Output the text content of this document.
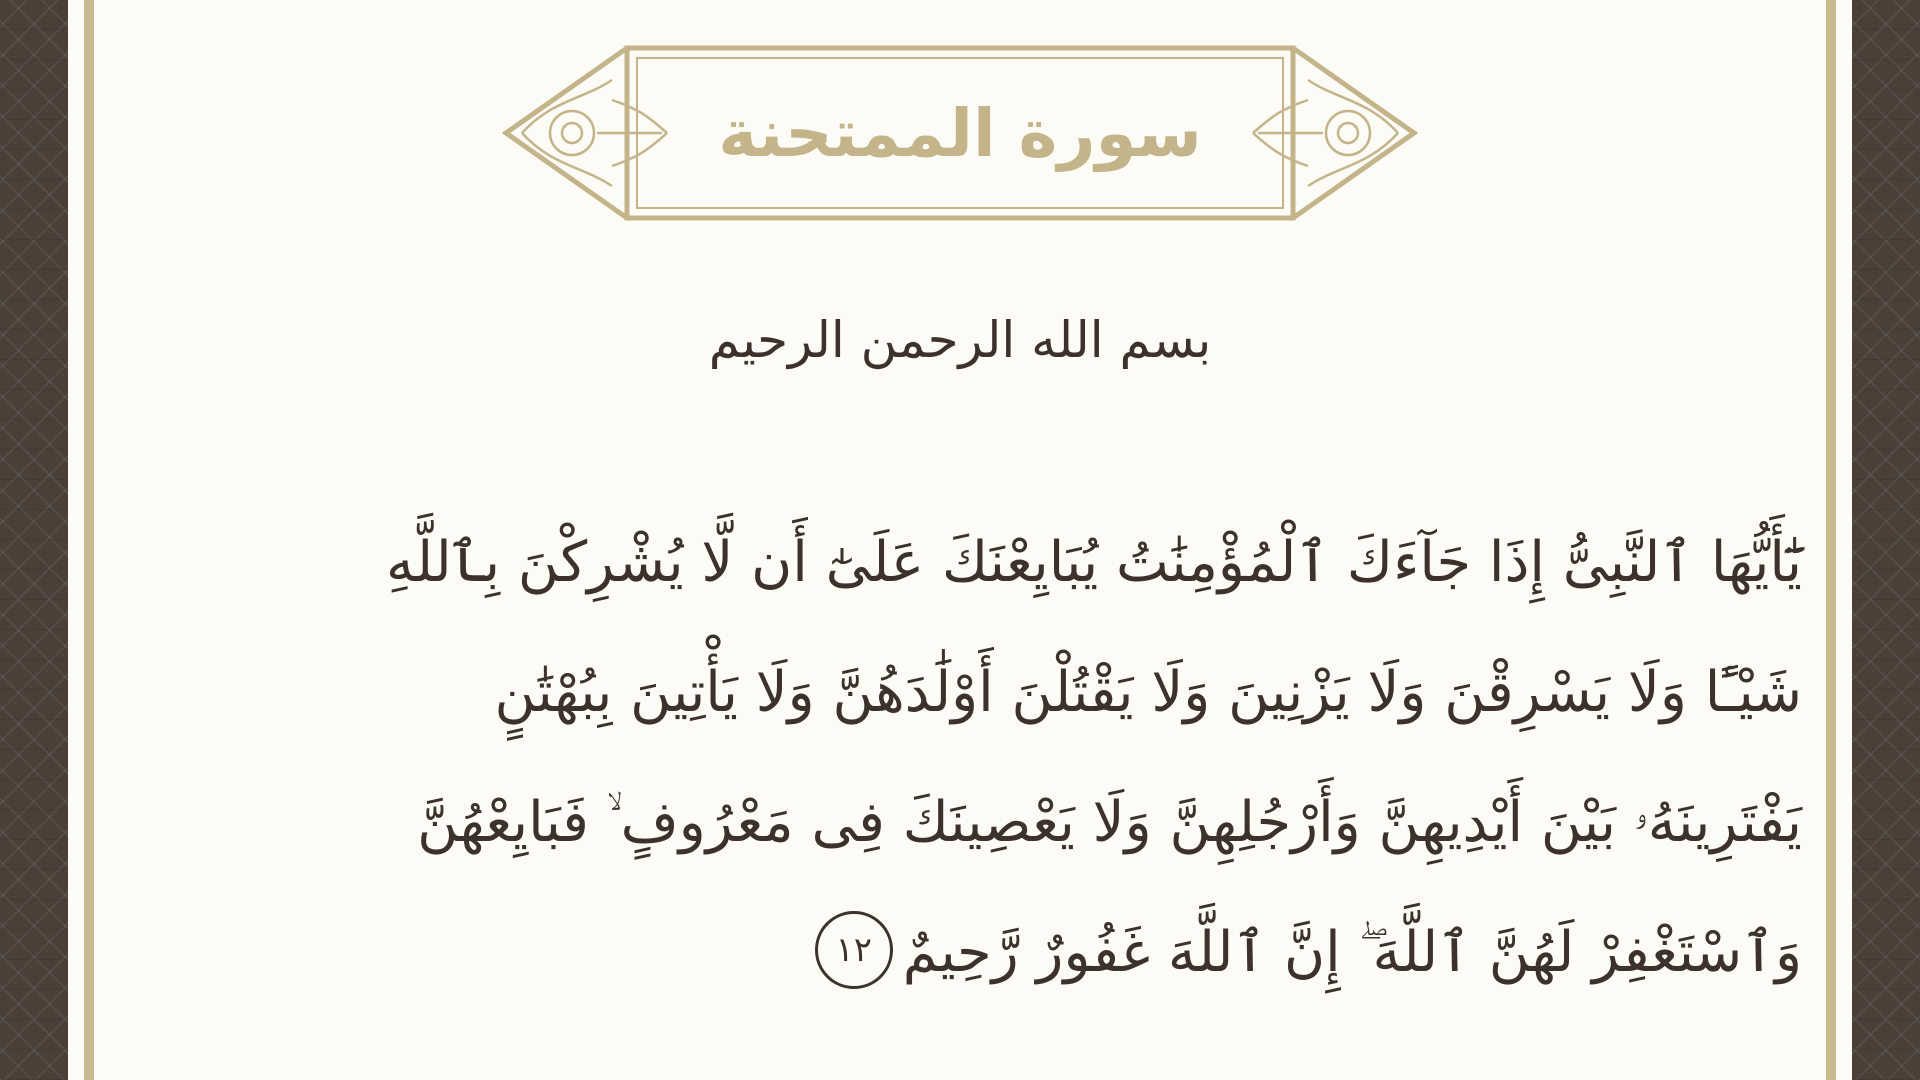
سورة الممتحنة
بسم الله الرحمن الرحيم
يَٰٓأَيُّهَا ٱلنَّبِىُّ إِذَا جَآءَكَ ٱلْمُؤْمِنَٰتُ يُبَايِعْنَكَ عَلَىٰٓ أَن لَّا يُشْرِكْنَ بِٱللَّهِ
شَيْـًٔا وَلَا يَسْرِقْنَ وَلَا يَزْنِينَ وَلَا يَقْتُلْنَ أَوْلَٰدَهُنَّ وَلَا يَأْتِينَ بِبُهْتَٰنٍ
يَفْتَرِينَهُۥ بَيْنَ أَيْدِيهِنَّ وَأَرْجُلِهِنَّ وَلَا يَعْصِينَكَ فِى مَعْرُوفٍ ۙ فَبَايِعْهُنَّ
وَٱسْتَغْفِرْ لَهُنَّ ٱللَّهَ ۖ إِنَّ ٱللَّهَ غَفُورٌ رَّحِيمٌ١٢
